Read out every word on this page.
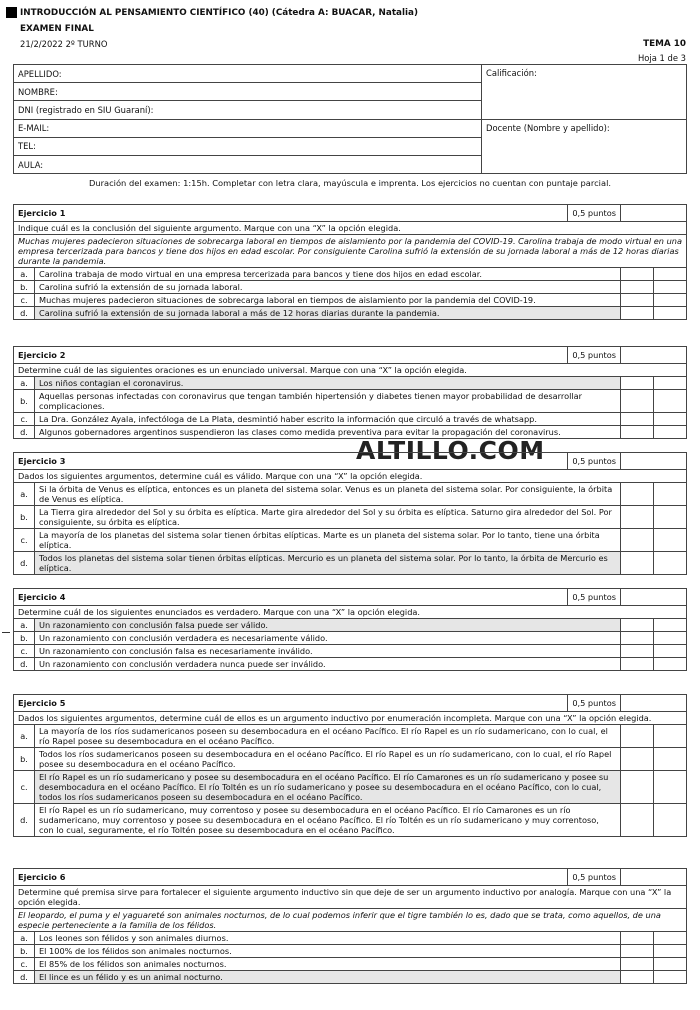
INTRODUCCIÓN AL PENSAMIENTO CIENTÍFICO (40) (Cátedra A: BUACAR, Natalia)
EXAMEN FINAL
21/2/2022 2º TURNO	TEMA 10
Hoja 1 de 3
APELLIDO:	Calificación:
NOMBRE:	
DNI (registrado en SIU Guaraní):	
E-MAIL:	Docente (Nombre y apellido):
TEL:	
AULA:	
Duración del examen: 1:15h. Completar con letra clara, mayúscula e imprenta. Los ejercicios no cuentan con puntaje parcial.
Ejercicio 1		0,5 puntos		
Indique cuál es la conclusión del siguiente argumento. Marque con una “X” la opción elegida.				
Muchas mujeres padecieron situaciones de sobrecarga laboral en tiempos de aislamiento por la pandemia del COVID-19. Carolina trabaja de modo virtual en una empresa tercerizada para bancos y tiene dos hijos en edad escolar. Por consiguiente Carolina sufrió la extensión de su jornada laboral a más de 12 horas diarias durante la pandemia.				
a.	Carolina trabaja de modo virtual en una empresa tercerizada para bancos y tiene dos hijos en edad escolar.			
b.	Carolina sufrió la extensión de su jornada laboral.			
c.	Muchas mujeres padecieron situaciones de sobrecarga laboral en tiempos de aislamiento por la pandemia del COVID-19.			
d.	Carolina sufrió la extensión de su jornada laboral a más de 12 horas diarias durante la pandemia.			
Ejercicio 2		0,5 puntos		
Determine cuál de las siguientes oraciones es un enunciado universal. Marque con una “X” la opción elegida.				
a.	Los niños contagian el coronavirus.			
b.	Aquellas personas infectadas con coronavirus que tengan también hipertensión y diabetes tienen mayor probabilidad de desarrollar complicaciones.			
c.	La Dra. González Ayala, infectóloga de La Plata, desmintió haber escrito la información que circuló a través de whatsapp.			
d.	Algunos gobernadores argentinos suspendieron las clases como medida preventiva para evitar la propagación del coronavirus.			
ALTILLO.COM
Ejercicio 3		0,5 puntos		
Dados los siguientes argumentos, determine cuál es válido. Marque con una “X” la opción elegida.				
a.	Si la órbita de Venus es elíptica, entonces es un planeta del sistema solar. Venus es un planeta del sistema solar. Por consiguiente, la órbita de Venus es elíptica.			
b.	La Tierra gira alrededor del Sol y su órbita es elíptica. Marte gira alrededor del Sol y su órbita es elíptica. Saturno gira alrededor del Sol. Por consiguiente, su órbita es elíptica.			
c.	La mayoría de los planetas del sistema solar tienen órbitas elípticas. Marte es un planeta del sistema solar. Por lo tanto, tiene una órbita elíptica.			
d.	Todos los planetas del sistema solar tienen órbitas elípticas. Mercurio es un planeta del sistema solar. Por lo tanto, la órbita de Mercurio es elíptica.			
Ejercicio 4		0,5 puntos		
Determine cuál de los siguientes enunciados es verdadero. Marque con una “X” la opción elegida.				
a.	Un razonamiento con conclusión falsa puede ser válido.			
b.	Un razonamiento con conclusión verdadera es necesariamente válido.			
c.	Un razonamiento con conclusión falsa es necesariamente inválido.			
d.	Un razonamiento con conclusión verdadera nunca puede ser inválido.			
Ejercicio 5		0,5 puntos		
Dados los siguientes argumentos, determine cuál de ellos es un argumento inductivo por enumeración incompleta. Marque con una “X” la opción elegida.				
a.	La mayoría de los ríos sudamericanos poseen su desembocadura en el océano Pacífico. El río Rapel es un río sudamericano, con lo cual, el río Rapel posee su desembocadura en el océano Pacífico.			
b.	Todos los ríos sudamericanos poseen su desembocadura en el océano Pacífico. El río Rapel es un río sudamericano, con lo cual, el río Rapel posee su desembocadura en el océano Pacífico.			
c.	El río Rapel es un río sudamericano y posee su desembocadura en el océano Pacífico. El río Camarones es un río sudamericano y posee su desembocadura en el océano Pacífico. El río Toltén es un río sudamericano y posee su desembocadura en el océano Pacífico, con lo cual, todos los ríos sudamericanos poseen su desembocadura en el océano Pacífico.			
d.	El río Rapel es un río sudamericano, muy correntoso y posee su desembocadura en el océano Pacífico. El río Camarones es un río sudamericano, muy correntoso y posee su desembocadura en el océano Pacífico. El río Toltén es un río sudamericano y muy correntoso, con lo cual, seguramente, el río Toltén posee su desembocadura en el océano Pacífico.			
Ejercicio 6		0,5 puntos		
Determine qué premisa sirve para fortalecer el siguiente argumento inductivo sin que deje de ser un argumento inductivo por analogía. Marque con una “X” la opción elegida.				
El leopardo, el puma y el yaguareté son animales nocturnos, de lo cual podemos inferir que el tigre también lo es, dado que se trata, como aquellos, de una especie perteneciente a la familia de los félidos.				
a.	Los leones son félidos y son animales diurnos.			
b.	El 100% de los félidos son animales nocturnos.			
c.	El 85% de los félidos son animales nocturnos.			
d.	El lince es un félido y es un animal nocturno.			
